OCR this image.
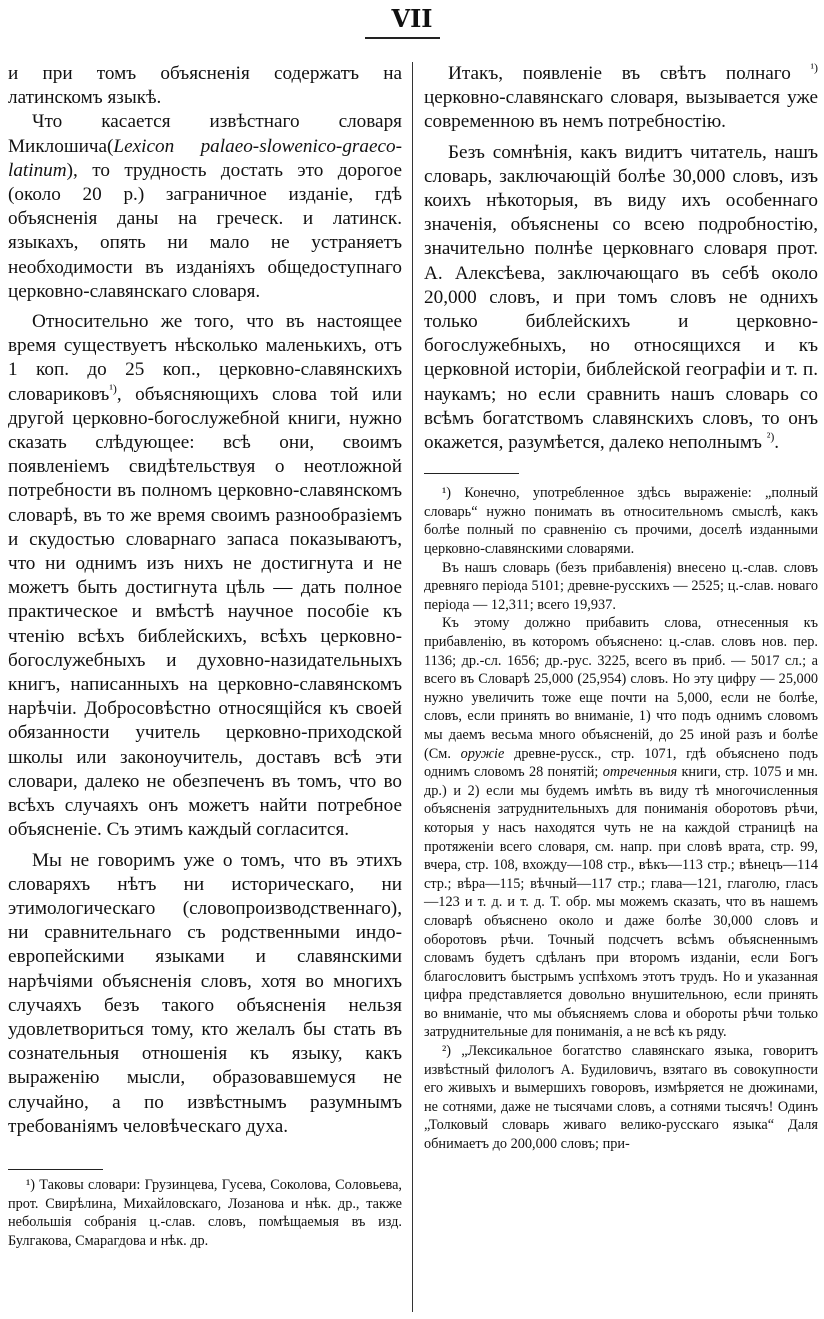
VII

и при томъ объясненія содержатъ на латинскомъ языкѣ.

Что касается извѣстнаго словаря Миклошича(Lexicon palaeo-slowenico-graeco-latinum), то трудность достать это дорогое (около 20 р.) заграничное изданіе, гдѣ объясненія даны на греческ. и латинск. языкахъ, опять ни мало не устраняетъ необходимости въ изданіяхъ общедоступнаго церковно-славянскаго словаря.

Относительно же того, что въ настоящее время существуетъ нѣсколько маленькихъ, отъ 1 коп. до 25 коп., церковно-славянскихъ словариковъ$^{^1)}$, объясняющихъ слова той или другой церковно-богослужебной книги, нужно сказать слѣдующее: всѣ они, своимъ появленіемъ свидѣтельствуя о неотложной потребности въ полномъ церковно-славянскомъ словарѣ, въ то же время своимъ разнообразіемъ и скудостью словарнаго запаса показываютъ, что ни однимъ изъ нихъ не достигнута и не можетъ быть достигнута цѣль — дать полное практическое и вмѣстѣ научное пособіе къ чтенію всѣхъ библейскихъ, всѣхъ церковно-богослужебныхъ и духовно-назидательныхъ книгъ, написанныхъ на церковно-славянскомъ нарѣчіи. Добросовѣстно относящійся къ своей обязанности учитель церковно-приходской школы или законоучитель, доставъ всѣ эти словари, далеко не обезпеченъ въ томъ, что во всѣхъ случаяхъ онъ можетъ найти потребное объясненіе. Съ этимъ каждый согласится.

Мы не говоримъ уже о томъ, что въ этихъ словаряхъ нѣтъ ни историческаго, ни этимологическаго (словопроизводственнаго), ни сравнительнаго съ родственными индо-европейскими языками и славянскими нарѣчіями объясненія словъ, хотя во многихъ случаяхъ безъ такого объясненія нельзя удовлетвориться тому, кто желалъ бы стать въ сознательныя отношенія къ языку, какъ выраженію мысли, образовавшемуся не случайно, а по извѣстнымъ разумнымъ требованіямъ человѣческаго духа.

¹) Таковы словари: Грузинцева, Гусева, Соколова, Соловьева, прот. Свирѣлина, Михайловскаго, Лозанова и нѣк. др., также небольшія собранія ц.-слав. словъ, помѣщаемыя въ изд. Булгакова, Смарагдова и нѣк. др.

Итакъ, появленіе въ свѣтъ полнаго $^{^1)}$ церковно-славянскаго словаря, вызывается уже современною въ немъ потребностію.

Безъ сомнѣнія, какъ видитъ читатель, нашъ словарь, заключающій болѣе 30,000 словъ, изъ коихъ нѣкоторыя, въ виду ихъ особеннаго значенія, объяснены со всею подробностію, значительно полнѣе церковнаго словаря прот. А. Алексѣева, заключающаго въ себѣ около 20,000 словъ, и при томъ словъ не однихъ только библейскихъ и церковно-богослужебныхъ, но относящихся и къ церковной исторіи, библейской географіи и т. п. наукамъ; но если сравнить нашъ словарь со всѣмъ богатствомъ славянскихъ словъ, то онъ окажется, разумѣется, далеко неполнымъ $^{^2)}$.

¹) Конечно, употребленное здѣсь выраженіе: „полный словарь“ нужно понимать въ относительномъ смыслѣ, какъ болѣе полный по сравненію съ прочими, доселѣ изданными церковно-славянскими словарями.

Въ нашъ словарь (безъ прибавленія) внесено ц.-слав. словъ древняго періода 5101; древне-русскихъ — 2525; ц.-слав. новаго періода — 12,311; всего 19,937.

Къ этому должно прибавить слова, отнесенныя къ прибавленію, въ которомъ объяснено: ц.-слав. словъ нов. пер. 1136; др.-сл. 1656; др.-рус. 3225, всего въ приб. — 5017 сл.; а всего въ Словарѣ 25,000 (25,954) словъ. Но эту цифру — 25,000 нужно увеличить тоже еще почти на 5,000, если не болѣе, словъ, если принять во вниманіе, 1) что подъ однимъ словомъ мы даемъ весьма много объясненій, до 25 иной разъ и болѣе (См. оружіе древне-русск., стр. 1071, гдѣ объяснено подъ однимъ словомъ 28 понятій; отреченныя книги, стр. 1075 и мн. др.) и 2) если мы будемъ имѣть въ виду тѣ многочисленныя объясненія затруднительныхъ для пониманія оборотовъ рѣчи, которыя у насъ находятся чуть не на каждой страницѣ на протяженіи всего словаря, см. напр. при словѣ врата, стр. 99, вчера, стр. 108, вхожду—108 стр., вѣкъ—113 стр.; вѣнецъ—114 стр.; вѣра—115; вѣчный—117 стр.; глава—121, глаголю, гласъ—123 и т. д. и т. д. Т. обр. мы можемъ сказать, что въ нашемъ словарѣ объяснено около и даже болѣе 30,000 словъ и оборотовъ рѣчи. Точный подсчетъ всѣмъ объясненнымъ словамъ будетъ сдѣланъ при второмъ изданіи, если Богъ благословитъ быстрымъ успѣхомъ этотъ трудъ. Но и указанная цифра представляется довольно внушительною, если принять во вниманіе, что мы объясняемъ слова и обороты рѣчи только затруднительные для пониманія, а не всѣ къ ряду.

²) „Лексикальное богатство славянскаго языка, говоритъ извѣстный филологъ А. Будиловичъ, взятаго въ совокупности его живыхъ и вымершихъ говоровъ, измѣряется не дюжинами, не сотнями, даже не тысячами словъ, а сотнями тысячъ! Одинъ „Толковый словарь живаго велико-русскаго языка“ Даля обнимаетъ до 200,000 словъ; при-
